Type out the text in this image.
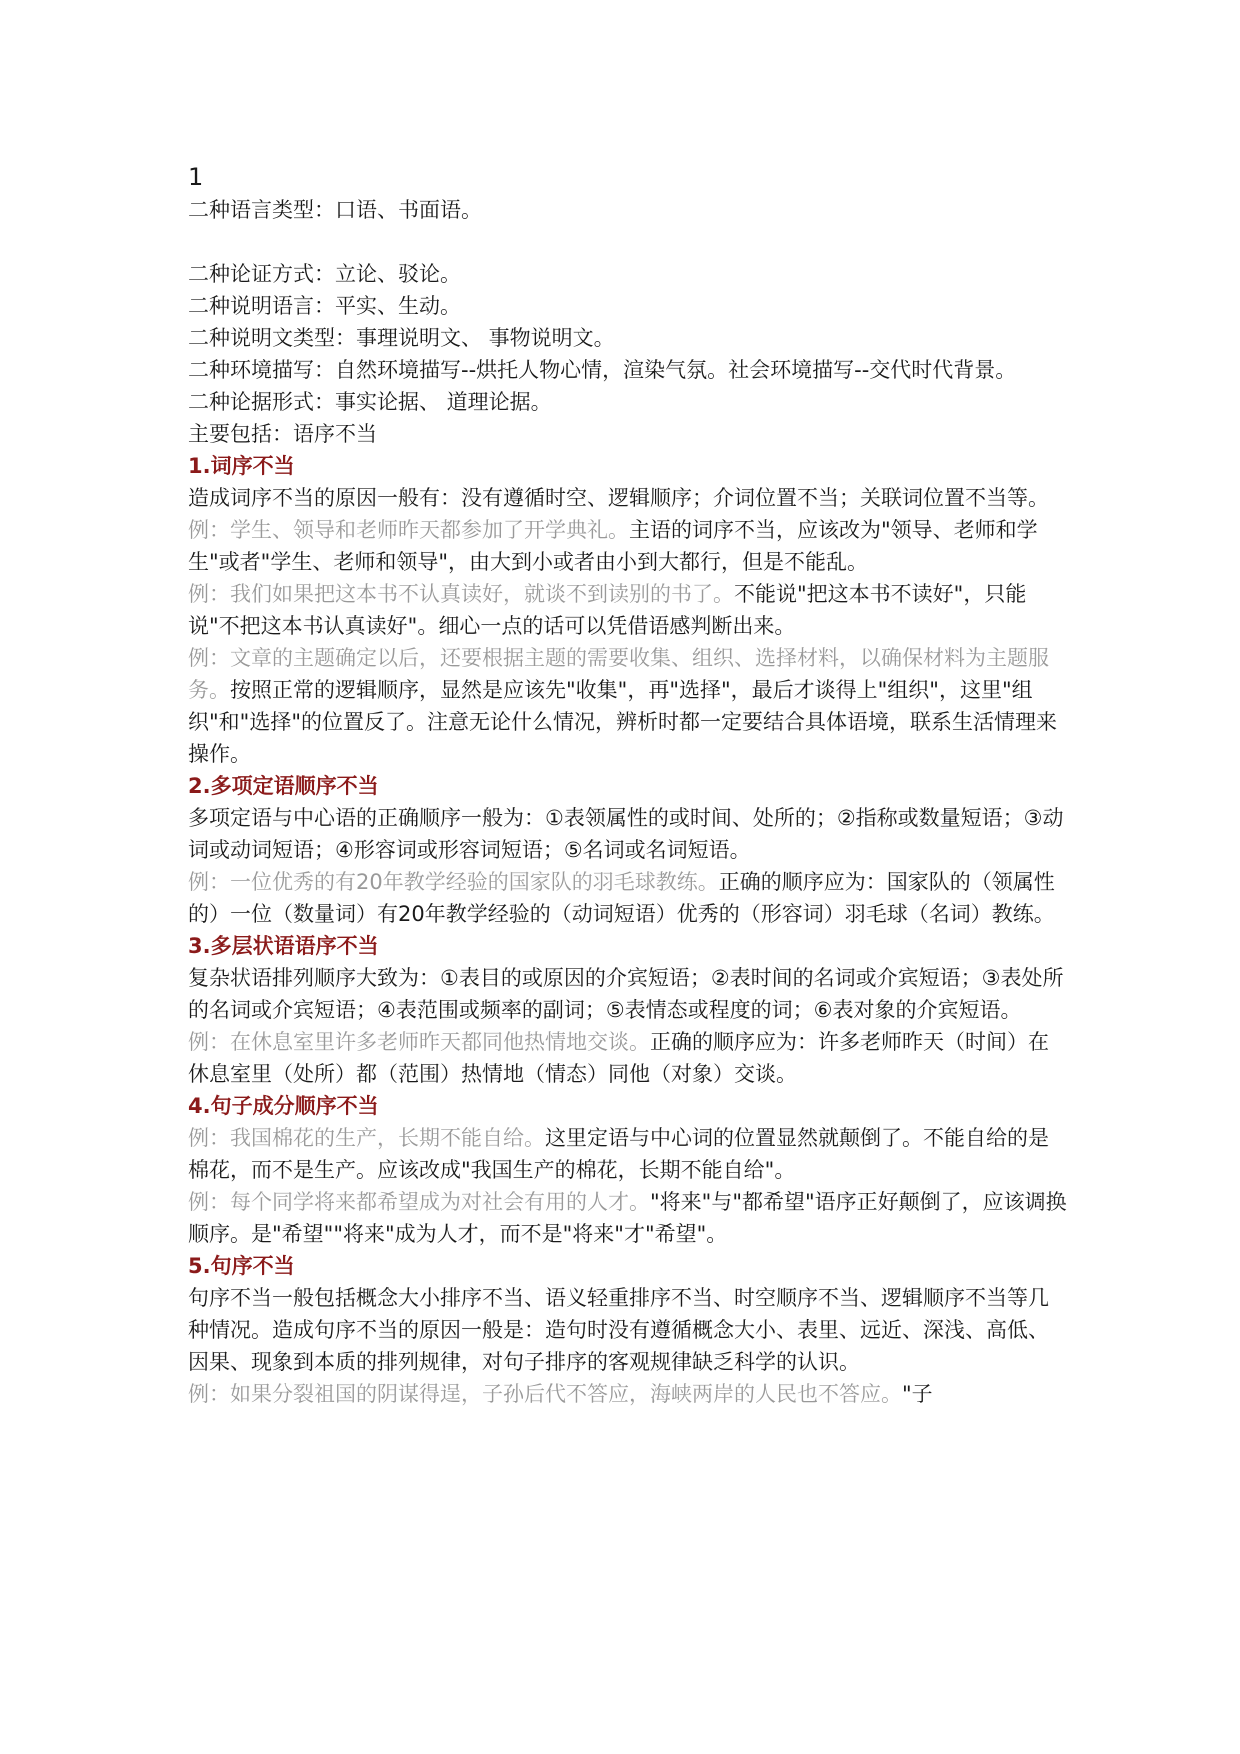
1

二种语言类型：口语、书面语。

二种论证方式：立论、驳论。

二种说明语言：平实、生动。

二种说明文类型：事理说明文、 事物说明文。

二种环境描写：自然环境描写--烘托人物心情，渲染气氛。社会环境描写--交代时代背景。

二种论据形式：事实论据、 道理论据。

主要包括：语序不当

1.词序不当

造成词序不当的原因一般有：没有遵循时空、逻辑顺序；介词位置不当；关联词位置不当等。

例：学生、领导和老师昨天都参加了开学典礼。主语的词序不当，应该改为"领导、老师和学生"或者"学生、老师和领导"，由大到小或者由小到大都行，但是不能乱。

例：我们如果把这本书不认真读好，就谈不到读别的书了。不能说"把这本书不读好"，只能说"不把这本书认真读好"。细心一点的话可以凭借语感判断出来。

例：文章的主题确定以后，还要根据主题的需要收集、组织、选择材料，以确保材料为主题服务。按照正常的逻辑顺序，显然是应该先"收集"，再"选择"，最后才谈得上"组织"，这里"组织"和"选择"的位置反了。注意无论什么情况，辨析时都一定要结合具体语境，联系生活情理来操作。

2.多项定语顺序不当

多项定语与中心语的正确顺序一般为：①表领属性的或时间、处所的；②指称或数量短语；③动词或动词短语；④形容词或形容词短语；⑤名词或名词短语。

例：一位优秀的有20年教学经验的国家队的羽毛球教练。正确的顺序应为：国家队的（领属性的）一位（数量词）有20年教学经验的（动词短语）优秀的（形容词）羽毛球（名词）教练。

3.多层状语语序不当

复杂状语排列顺序大致为：①表目的或原因的介宾短语；②表时间的名词或介宾短语；③表处所的名词或介宾短语；④表范围或频率的副词；⑤表情态或程度的词；⑥表对象的介宾短语。

例：在休息室里许多老师昨天都同他热情地交谈。正确的顺序应为：许多老师昨天（时间）在休息室里（处所）都（范围）热情地（情态）同他（对象）交谈。

4.句子成分顺序不当

例：我国棉花的生产，长期不能自给。这里定语与中心词的位置显然就颠倒了。不能自给的是棉花，而不是生产。应该改成"我国生产的棉花，长期不能自给"。

例：每个同学将来都希望成为对社会有用的人才。"将来"与"都希望"语序正好颠倒了，应该调换顺序。是"希望""将来"成为人才，而不是"将来"才"希望"。

5.句序不当

句序不当一般包括概念大小排序不当、语义轻重排序不当、时空顺序不当、逻辑顺序不当等几种情况。造成句序不当的原因一般是：造句时没有遵循概念大小、表里、远近、深浅、高低、因果、现象到本质的排列规律，对句子排序的客观规律缺乏科学的认识。

例：如果分裂祖国的阴谋得逞，子孙后代不答应，海峡两岸的人民也不答应。"子
